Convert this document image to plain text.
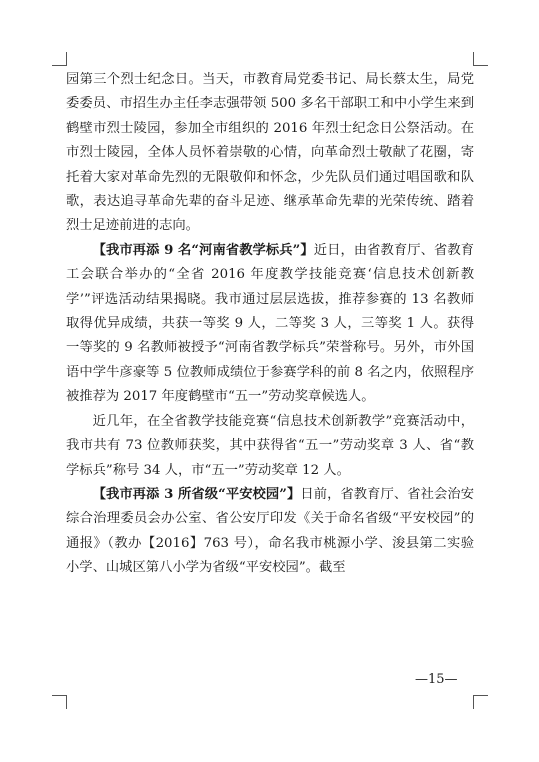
园第三个烈士纪念日。当天，市教育局党委书记、局长蔡太生，局党委委员、市招生办主任李志强带领 500 多名干部职工和中小学生来到鹤壁市烈士陵园，参加全市组织的 2016 年烈士纪念日公祭活动。在市烈士陵园，全体人员怀着崇敬的心情，向革命烈士敬献了花圈，寄托着大家对革命先烈的无限敬仰和怀念，少先队员们通过唱国歌和队歌，表达追寻革命先辈的奋斗足迹、继承革命先辈的光荣传统、踏着烈士足迹前进的志向。

【我市再添 9 名“河南省教学标兵”】近日，由省教育厅、省教育工会联合举办的“全省 2016 年度教学技能竞赛‘信息技术创新教学’”评选活动结果揭晓。我市通过层层选拔，推荐参赛的 13 名教师取得优异成绩，共获一等奖 9 人，二等奖 3 人，三等奖 1 人。获得一等奖的 9 名教师被授予“河南省教学标兵”荣誉称号。另外，市外国语中学牛彦豪等 5 位教师成绩位于参赛学科的前 8 名之内，依照程序被推荐为 2017 年度鹤壁市“五一”劳动奖章候选人。

近几年，在全省教学技能竞赛“信息技术创新教学”竞赛活动中，我市共有 73 位教师获奖，其中获得省“五一”劳动奖章 3 人、省“教学标兵”称号 34 人，市“五一”劳动奖章 12 人。

【我市再添 3 所省级“平安校园”】日前，省教育厅、省社会治安综合治理委员会办公室、省公安厅印发《关于命名省级“平安校园”的通报》（教办【2016】763 号），命名我市桃源小学、浚县第二实验小学、山城区第八小学为省级“平安校园”。截至

—15—
